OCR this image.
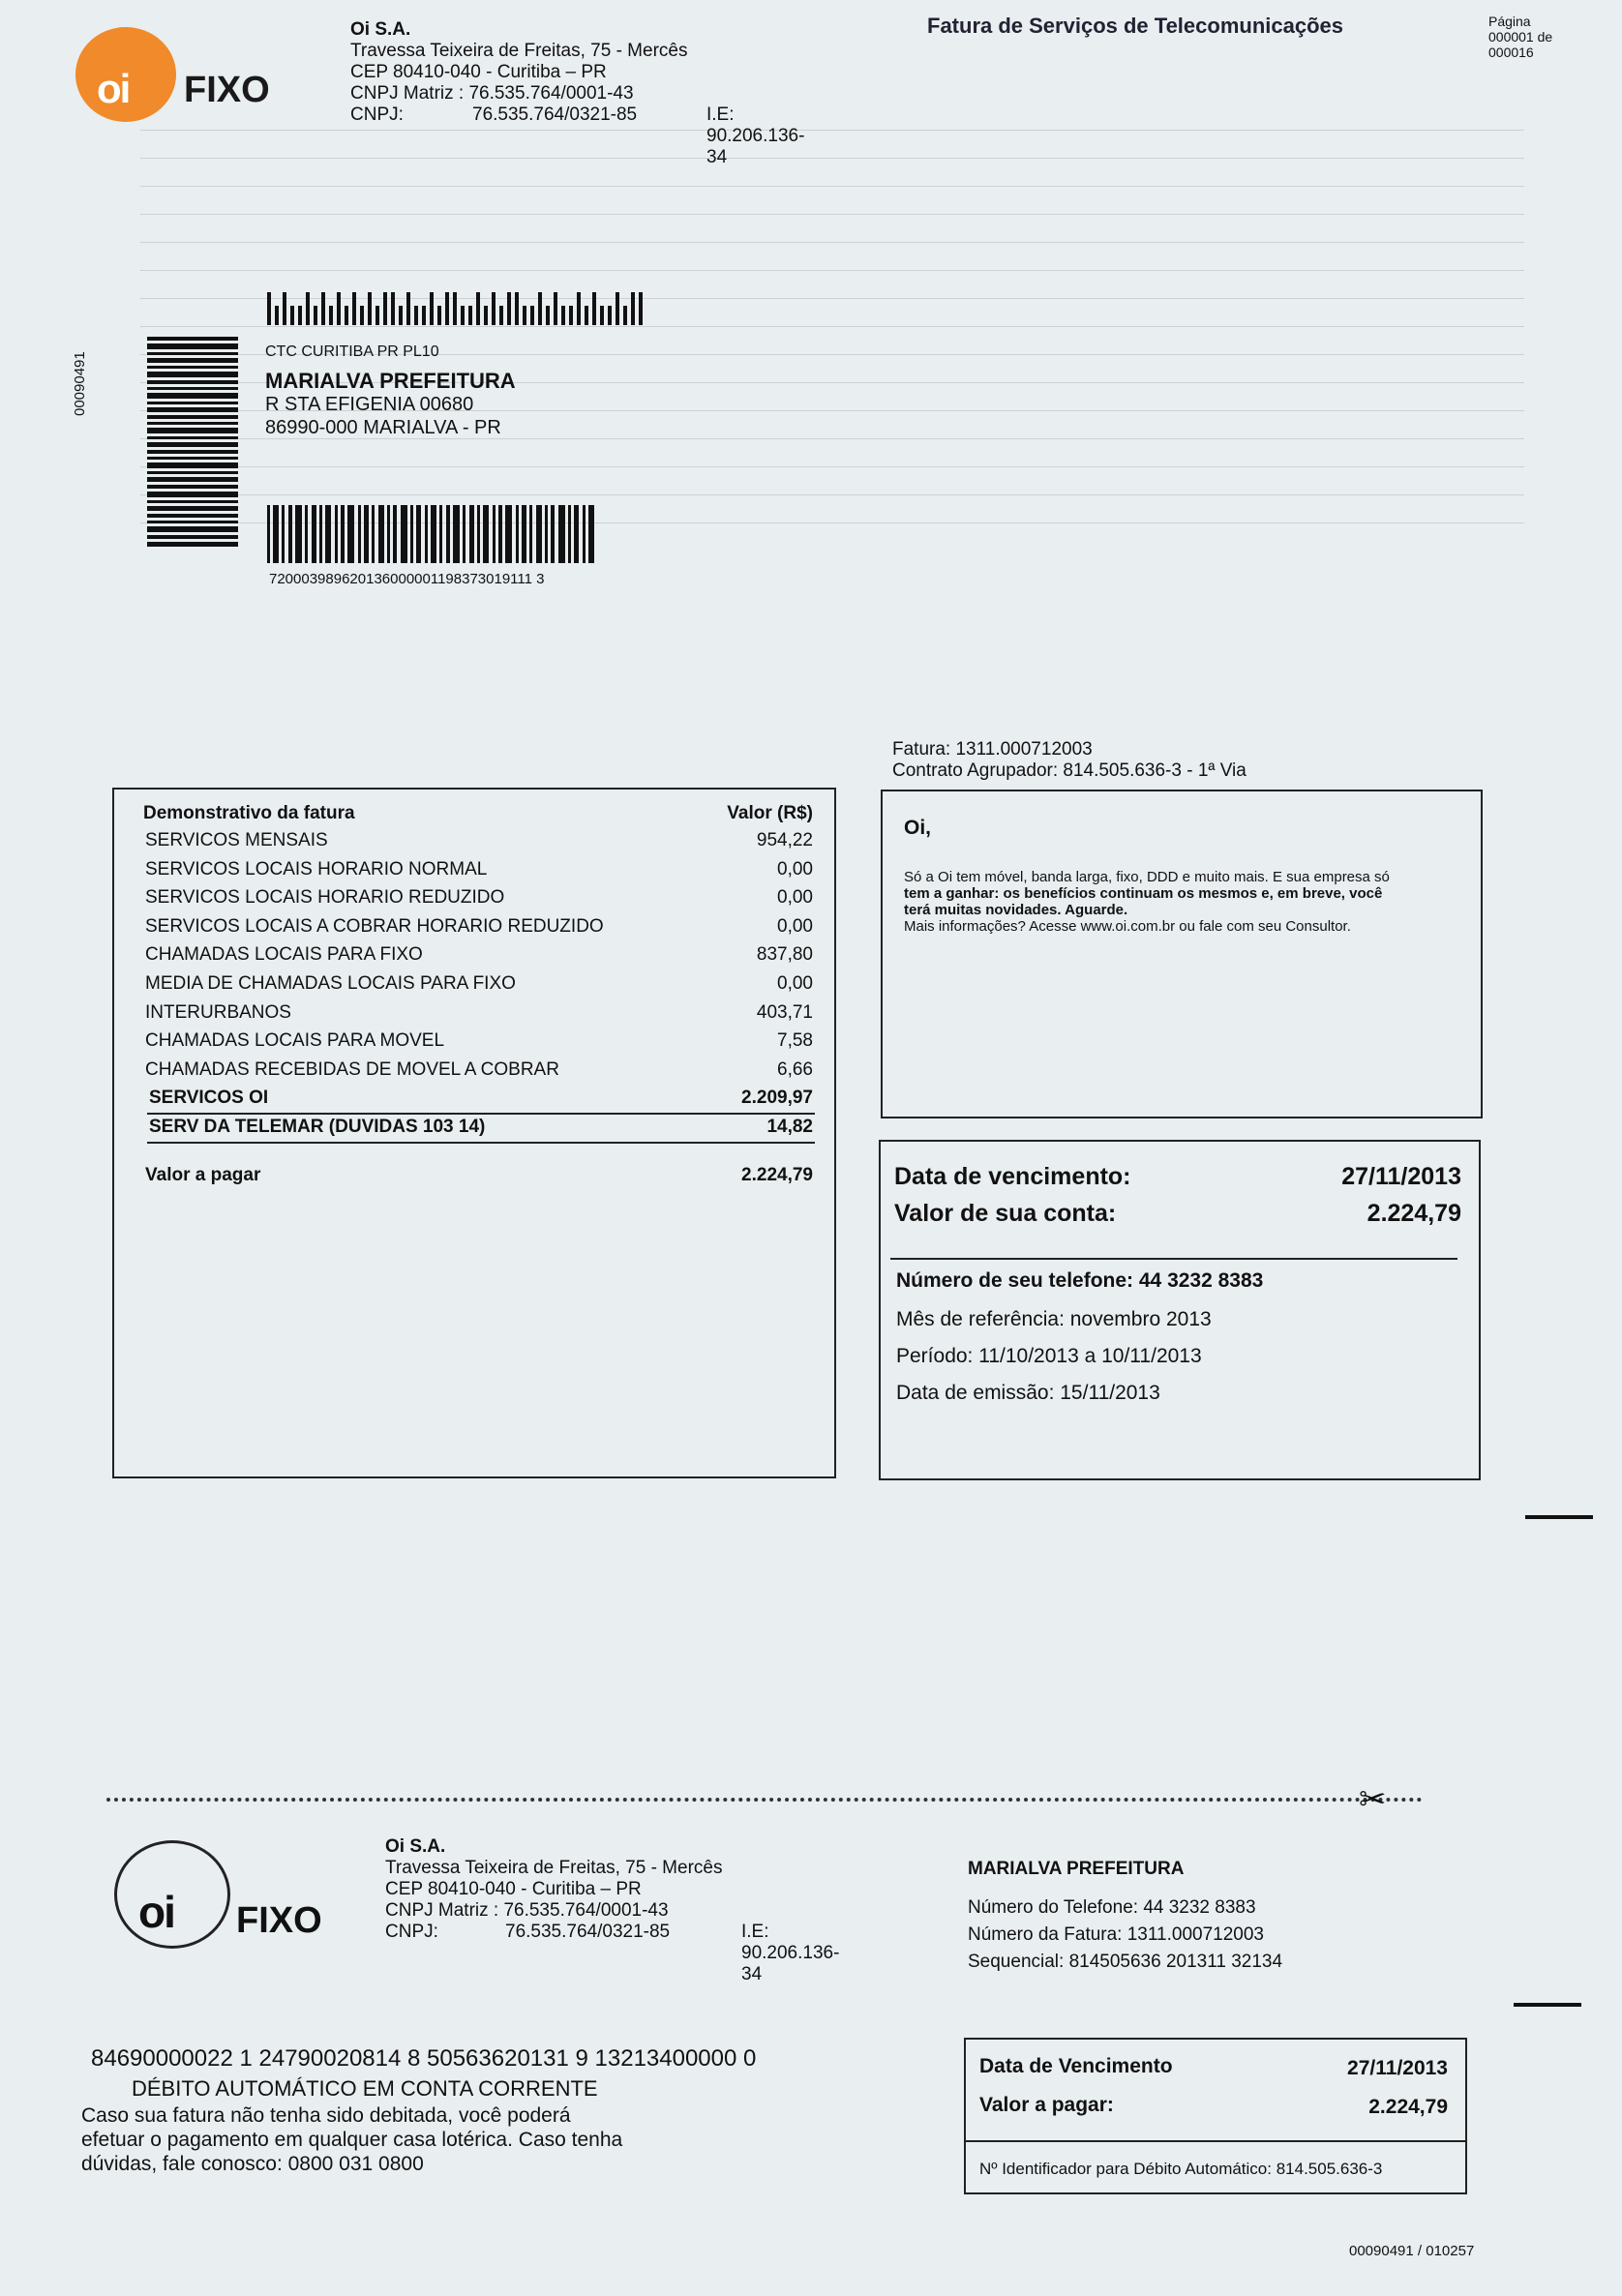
oi FIXO
Oi S.A.
Travessa Teixeira de Freitas, 75 - Mercês
CEP 80410-040 - Curitiba – PR
CNPJ Matriz : 76.535.764/0001-43
CNPJ:	76.535.764/0321-85	I.E: 90.206.136-34
Fatura de Serviços de Telecomunicações	Página
000001 de
000016
00090491	CTC CURITIBA PR PL10
MARIALVA PREFEITURA
R STA EFIGENIA 00680
86990-000 MARIALVA - PR
720003989620136000001198373019111 3
Fatura: 1311.000712003
Contrato Agrupador: 814.505.636-3 - 1ª Via
Demonstrativo da fatura	Valor (R$)
SERVICOS MENSAIS	954,22
SERVICOS LOCAIS HORARIO NORMAL	0,00
SERVICOS LOCAIS HORARIO REDUZIDO	0,00
SERVICOS LOCAIS A COBRAR HORARIO REDUZIDO	0,00
CHAMADAS LOCAIS PARA FIXO	837,80
MEDIA DE CHAMADAS LOCAIS PARA FIXO	0,00
INTERURBANOS	403,71
CHAMADAS LOCAIS PARA MOVEL	7,58
CHAMADAS RECEBIDAS DE MOVEL A COBRAR	6,66
SERVICOS OI	2.209,97
SERV DA TELEMAR (DUVIDAS 103 14)	14,82
Valor a pagar	2.224,79
Oi,
Só a Oi tem móvel, banda larga, fixo, DDD e muito mais. E sua empresa só
tem a ganhar: os benefícios continuam os mesmos e, em breve, você
terá muitas novidades. Aguarde.
Mais informações? Acesse www.oi.com.br ou fale com seu Consultor.
Data de vencimento:	27/11/2013
Valor de sua conta:	2.224,79
Número de seu telefone: 44 3232 8383
Mês de referência: novembro 2013
Período: 11/10/2013 a 10/11/2013
Data de emissão: 15/11/2013
✂
oi FIXO
Oi S.A.
Travessa Teixeira de Freitas, 75 - Mercês
CEP 80410-040 - Curitiba – PR
CNPJ Matriz : 76.535.764/0001-43
CNPJ:	76.535.764/0321-85	I.E: 90.206.136-34
MARIALVA PREFEITURA
Número do Telefone: 44 3232 8383
Número da Fatura: 1311.000712003
Sequencial: 814505636 201311 32134
84690000022 1 24790020814 8 50563620131 9 13213400000 0
DÉBITO AUTOMÁTICO EM CONTA CORRENTE
Caso sua fatura não tenha sido debitada, você poderá
efetuar o pagamento em qualquer casa lotérica. Caso tenha
dúvidas, fale conosco: 0800 031 0800
Data de Vencimento	27/11/2013
Valor a pagar:	2.224,79
Nº Identificador para Débito Automático: 814.505.636-3
00090491 / 010257
